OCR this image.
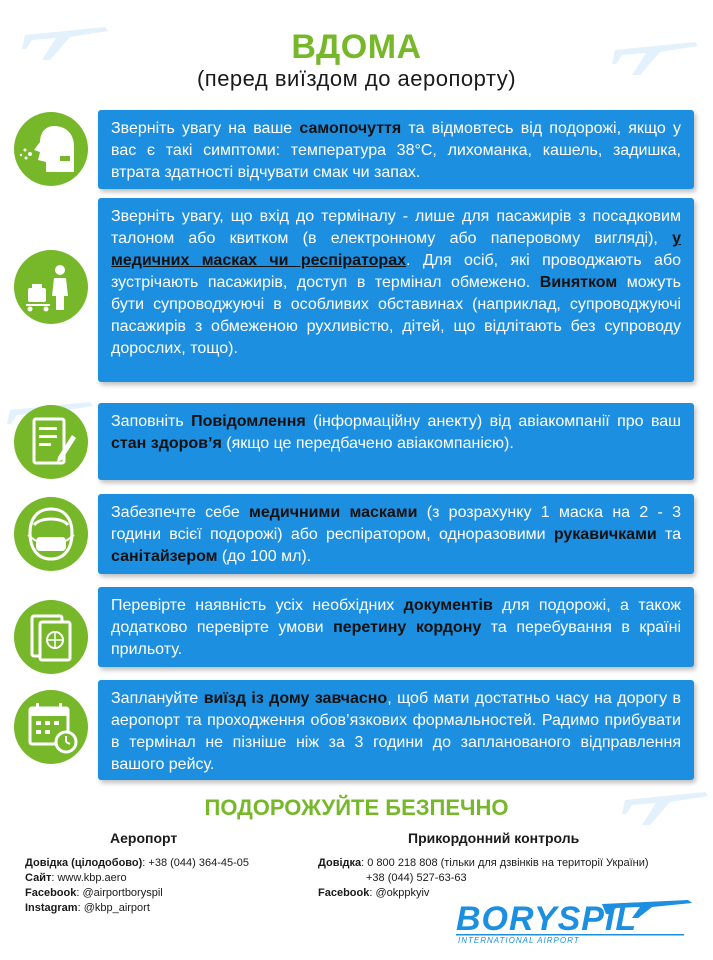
ВДОМА
(перед виїздом до аеропорту)
Зверніть увагу на ваше самопочуття та відмовтесь від подорожі, якщо у вас є такі симптоми: температура 38°С, лихоманка, кашель, задишка, втрата здатності відчувати смак чи запах.
Зверніть увагу, що вхід до терміналу - лише для пасажирів з посадковим талоном або квитком (в електронному або паперовому вигляді), у медичних масках чи респіраторах. Для осіб, які проводжають або зустрічають пасажирів, доступ в термінал обмежено. Винятком можуть бути супроводжуючі в особливих обставинах (наприклад, супроводжуючі пасажирів з обмеженою рухливістю, дітей, що відлітають без супроводу дорослих, тощо).
Заповніть Повідомлення (інформаційну анекту) від авіакомпанії про ваш стан здоров’я (якщо це передбачено авіакомпанією).
Забезпечте себе медичними масками (з розрахунку 1 маска на 2 - 3 години всієї подорожі) або респіратором, одноразовими рукавичками та санітайзером (до 100 мл).
Перевірте наявність усіх необхідних документів для подорожі, а також додатково перевірте умови перетину кордону та перебування в країні прильоту.
Заплануйте виїзд із дому завчасно, щоб мати достатньо часу на дорогу в аеропорт та проходження обов’язкових формальностей. Радимо прибувати в термінал не пізніше ніж за 3 години до запланованого відправлення вашого рейсу.
ПОДОРОЖУЙТЕ БЕЗПЕЧНО
Аеропорт	Прикордонний контроль
Довідка (цілодобово): +38 (044) 364-45-05
Сайт: www.kbp.aero
Facebook: @airportboryspil
Instagram: @kbp_airport
Довідка: 0 800 218 808 (тільки для дзвінків на території України)
+38 (044) 527-63-63
Facebook: @okppkyiv
BORYSPIL
INTERNATIONAL AIRPORT
